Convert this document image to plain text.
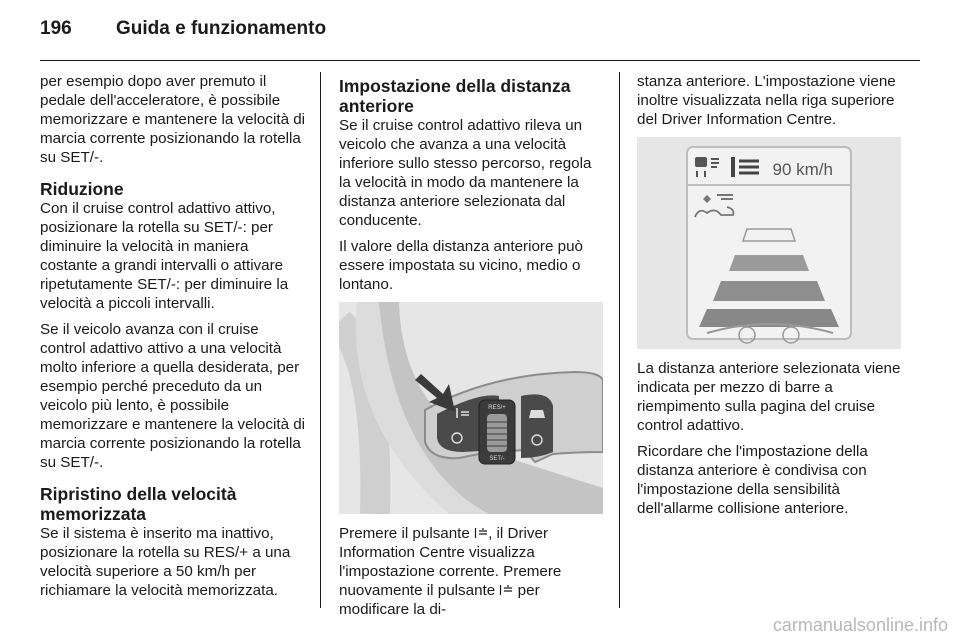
196 Guida e funzionamento

per esempio dopo aver premuto il pedale dell'acceleratore, è possibile memorizzare e mantenere la velocità di marcia corrente posizionando la rotella su SET/-.

Riduzione

Con il cruise control adattivo attivo, posizionare la rotella su SET/-: per diminuire la velocità in maniera costante a grandi intervalli o attivare ripetutamente SET/-: per diminuire la velocità a piccoli intervalli.

Se il veicolo avanza con il cruise control adattivo attivo a una velocità molto inferiore a quella desiderata, per esempio perché preceduto da un veicolo più lento, è possibile memorizzare e mantenere la velocità di marcia corrente posizionando la rotella su SET/-.

Ripristino della velocità memorizzata

Se il sistema è inserito ma inattivo, posizionare la rotella su RES/+ a una velocità superiore a 50 km/h per richiamare la velocità memorizzata.

Impostazione della distanza anteriore

Se il cruise control adattivo rileva un veicolo che avanza a una velocità inferiore sullo stesso percorso, regola la velocità in modo da mantenere la distanza anteriore selezionata dal conducente.

Il valore della distanza anteriore può essere impostata su vicino, medio o lontano.

RES/+
SET/-

Premere il pulsante , il Driver Information Centre visualizza l'impostazione corrente. Premere nuovamente il pulsante per modificare la di-

stanza anteriore. L'impostazione viene inoltre visualizzata nella riga superiore del Driver Information Centre.

90 km/h

La distanza anteriore selezionata viene indicata per mezzo di barre a riempimento sulla pagina del cruise control adattivo.

Ricordare che l'impostazione della distanza anteriore è condivisa con l'impostazione della sensibilità dell'allarme collisione anteriore.

carmanualsonline.info
